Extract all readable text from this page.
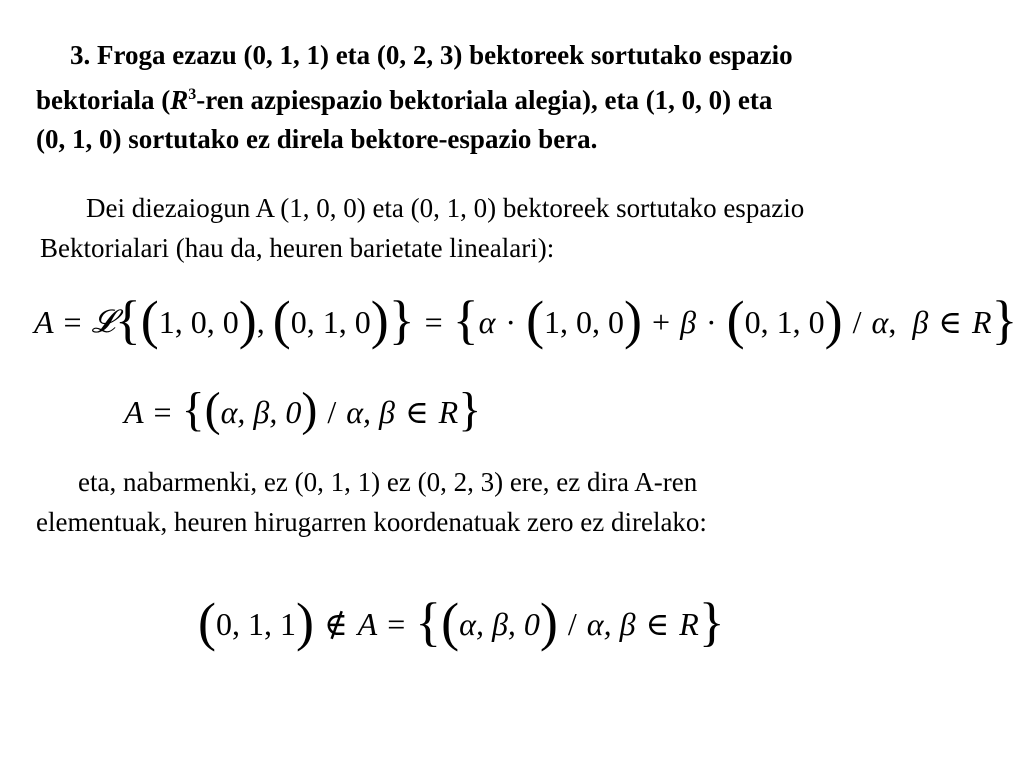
3. Froga ezazu (0, 1, 1) eta (0, 2, 3) bektoreek sortutako espazio

bektoriala ($R^3$-ren azpiespazio bektoriala alegia), eta (1, 0, 0) eta

(0, 1, 0) sortutako ez direla bektore-espazio bera.

Dei diezaiogun A (1, 0, 0) eta (0, 1, 0) bektoreek sortutako espazio

Bektorialari (hau da, heuren barietate linealari):

A = 𝓛 { ( 1, 0, 0 ) , ( 0, 1, 0 ) } = { α · ( 1, 0, 0 ) + β · ( 0, 1, 0 ) / α , β ∈ R }
A = { ( α, β, 0 ) / α, β ∈ R }

eta, nabarmenki, ez (0, 1, 1) ez (0, 2, 3) ere, ez dira A-ren

elementuak, heuren hirugarren koordenatuak zero ez direlako:

( 0, 1, 1 ) ∉ A = { ( α, β, 0 ) / α, β ∈ R }
